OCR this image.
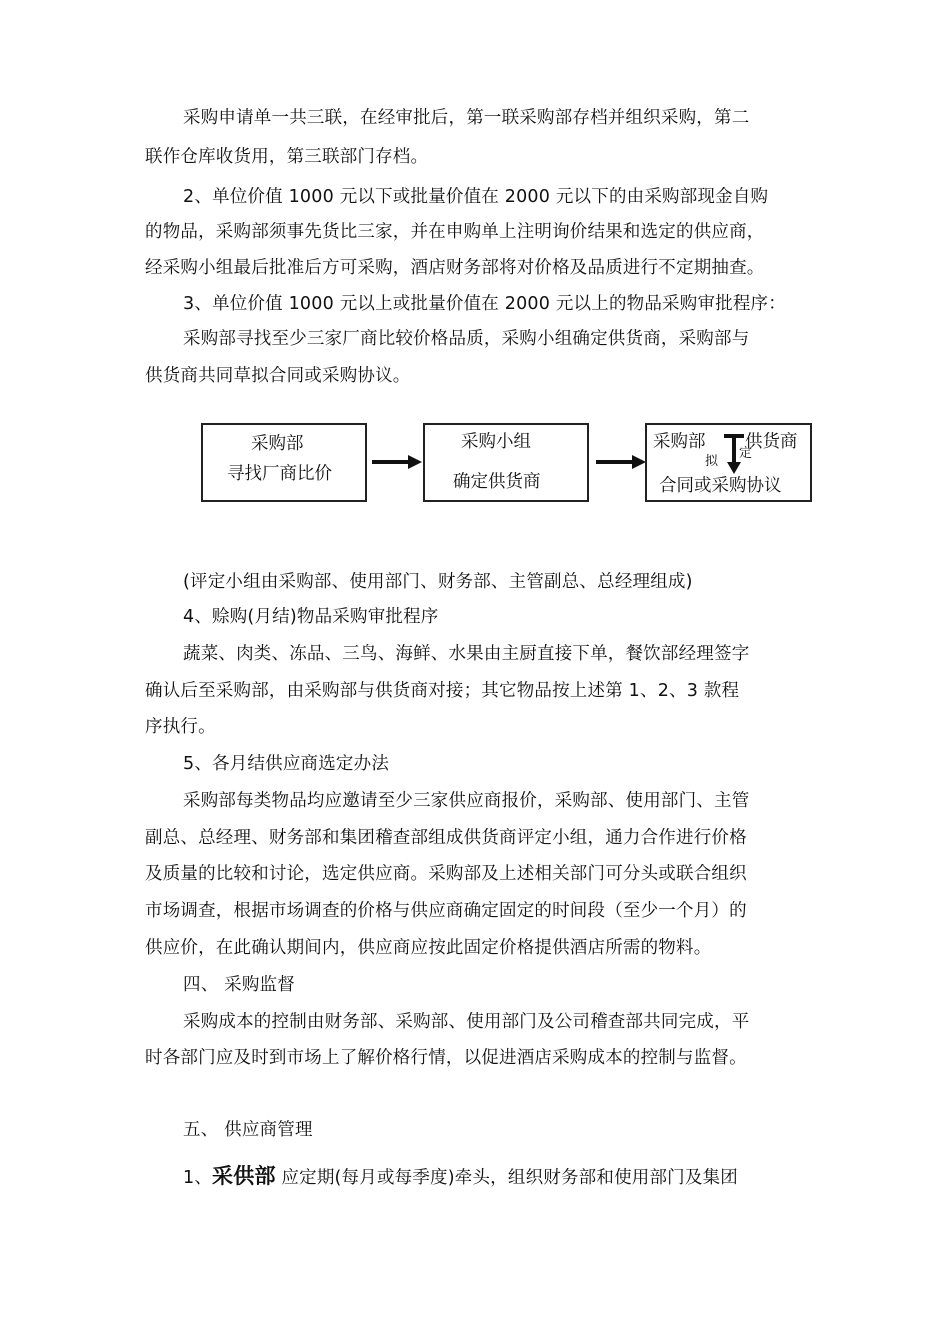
采购申请单一共三联，在经审批后，第一联采购部存档并组织采购，第二
联作仓库收货用，第三联部门存档。
2、单位价值 1000 元以下或批量价值在 2000 元以下的由采购部现金自购
的物品，采购部须事先货比三家，并在申购单上注明询价结果和选定的供应商，
经采购小组最后批准后方可采购，酒店财务部将对价格及品质进行不定期抽查。
3、单位价值 1000 元以上或批量价值在 2000 元以上的物品采购审批程序：
采购部寻找至少三家厂商比较价格品质，采购小组确定供货商，采购部与
供货商共同草拟合同或采购协议。
采购部
寻找厂商比价
采购小组
确定供货商
采购部 供货商
拟
定
合同或采购协议
(评定小组由采购部、使用部门、财务部、主管副总、总经理组成)
4、赊购(月结)物品采购审批程序
蔬菜、肉类、冻品、三鸟、海鲜、水果由主厨直接下单，餐饮部经理签字
确认后至采购部，由采购部与供货商对接；其它物品按上述第 1、2、3 款程
序执行。
5、各月结供应商选定办法
采购部每类物品均应邀请至少三家供应商报价，采购部、使用部门、主管
副总、总经理、财务部和集团稽查部组成供货商评定小组，通力合作进行价格
及质量的比较和讨论，选定供应商。采购部及上述相关部门可分头或联合组织
市场调查，根据市场调查的价格与供应商确定固定的时间段（至少一个月）的
供应价，在此确认期间内，供应商应按此固定价格提供酒店所需的物料。
四、 采购监督
采购成本的控制由财务部、采购部、使用部门及公司稽查部共同完成，平
时各部门应及时到市场上了解价格行情，以促进酒店采购成本的控制与监督。
五、 供应商管理
1、采供部 应定期(每月或每季度)牵头，组织财务部和使用部门及集团
